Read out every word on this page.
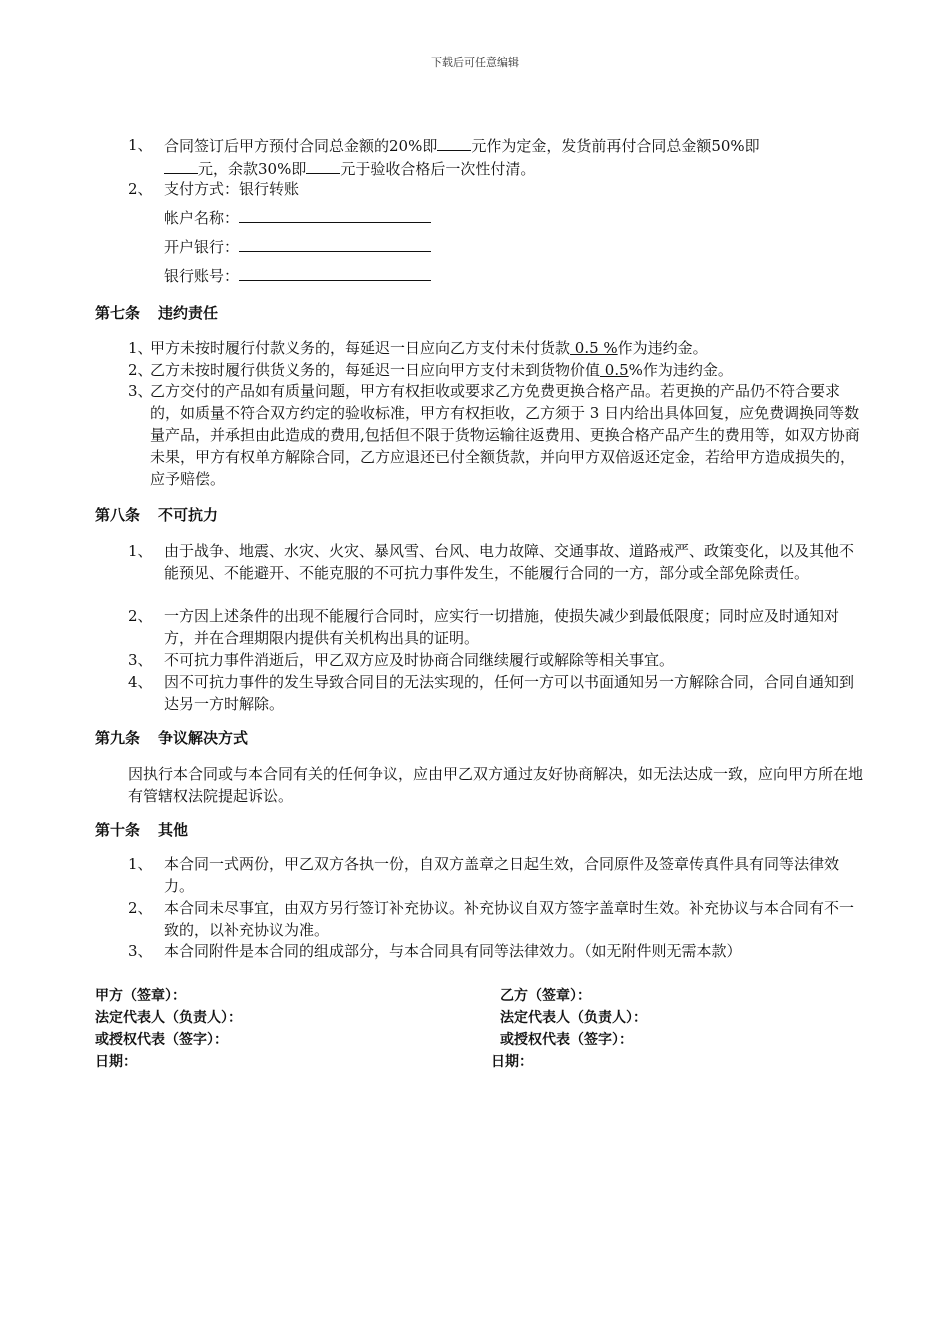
下载后可任意编辑
1、 合同签订后甲方预付合同总金额的20%即 元作为定金，发货前再付合同总金额50%即
元，余款30%即 元于验收合格后一次性付清。
2、 支付方式：银行转账
帐户名称：
开户银行：
银行账号：
第七条 违约责任
1、
甲方未按时履行付款义务的，每延迟一日应向乙方支付未付货款 0.5 %作为违约金。
2、
乙方未按时履行供货义务的，每延迟一日应向甲方支付未到货物价值 0.5%作为违约金。
3、
乙方交付的产品如有质量问题，甲方有权拒收或要求乙方免费更换合格产品。若更换的产品仍不符合要求的，如质量不符合双方约定的验收标准，甲方有权拒收，乙方须于 3 日内给出具体回复，应免费调换同等数量产品，并承担由此造成的费用,包括但不限于货物运输往返费用、更换合格产品产生的费用等，如双方协商未果，甲方有权单方解除合同，乙方应退还已付全额货款，并向甲方双倍返还定金，若给甲方造成损失的，应予赔偿。
第八条 不可抗力
1、 由于战争、地震、水灾、火灾、暴风雪、台风、电力故障、交通事故、道路戒严、政策变化，以及其他不能预见、不能避开、不能克服的不可抗力事件发生，不能履行合同的一方，部分或全部免除责任。
2、 一方因上述条件的出现不能履行合同时，应实行一切措施，使损失减少到最低限度；同时应及时通知对方，并在合理期限内提供有关机构出具的证明。
3、 不可抗力事件消逝后，甲乙双方应及时协商合同继续履行或解除等相关事宜。
4、 因不可抗力事件的发生导致合同目的无法实现的，任何一方可以书面通知另一方解除合同，合同自通知到达另一方时解除。
第九条 争议解决方式
因执行本合同或与本合同有关的任何争议，应由甲乙双方通过友好协商解决，如无法达成一致，应向甲方所在地有管辖权法院提起诉讼。
第十条 其他
1、 本合同一式两份，甲乙双方各执一份，自双方盖章之日起生效，合同原件及签章传真件具有同等法律效力。
2、 本合同未尽事宜，由双方另行签订补充协议。补充协议自双方签字盖章时生效。补充协议与本合同有不一致的，以补充协议为准。
3、 本合同附件是本合同的组成部分，与本合同具有同等法律效力。（如无附件则无需本款）
甲方（签章）：
法定代表人（负责人）：
或授权代表（签字）：
日期：
乙方（签章）：
法定代表人（负责人）：
或授权代表（签字）：
日期：
